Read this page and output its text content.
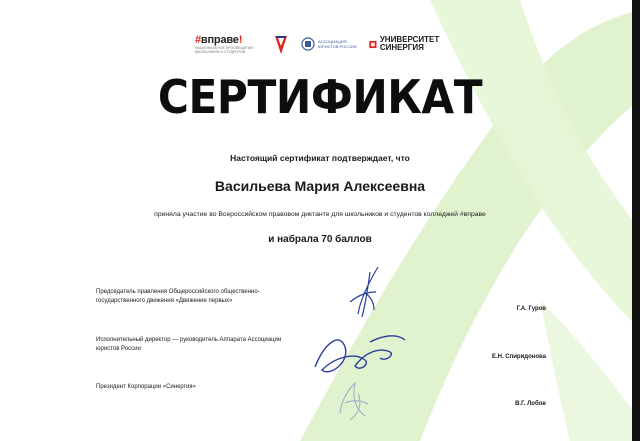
#вправе!
НАЦИОНАЛЬНОЕ ПРОСВЕЩЕНИЕ ШКОЛЬНИКОВ И СТУДЕНТОВ
АССОЦИАЦИЯ ЮРИСТОВ РОССИИ
УНИВЕРСИТЕТ СИНЕРГИЯ
СЕРТИФИКАТ
Настоящий сертификат подтверждает, что
Васильева Мария Алексеевна
приняла участие во Всероссийском правовом диктанте для школьников и студентов колледжей #вправе
и набрала 70 баллов
Председатель правления Общероссийского общественно-государственного движения «Движение первых»
Г.А. Гуров
Исполнительный директор — руководитель Аппарата Ассоциации юристов России
Е.Н. Спиридонова
Президент Корпорации «Синергия»
В.Г. Лобов
